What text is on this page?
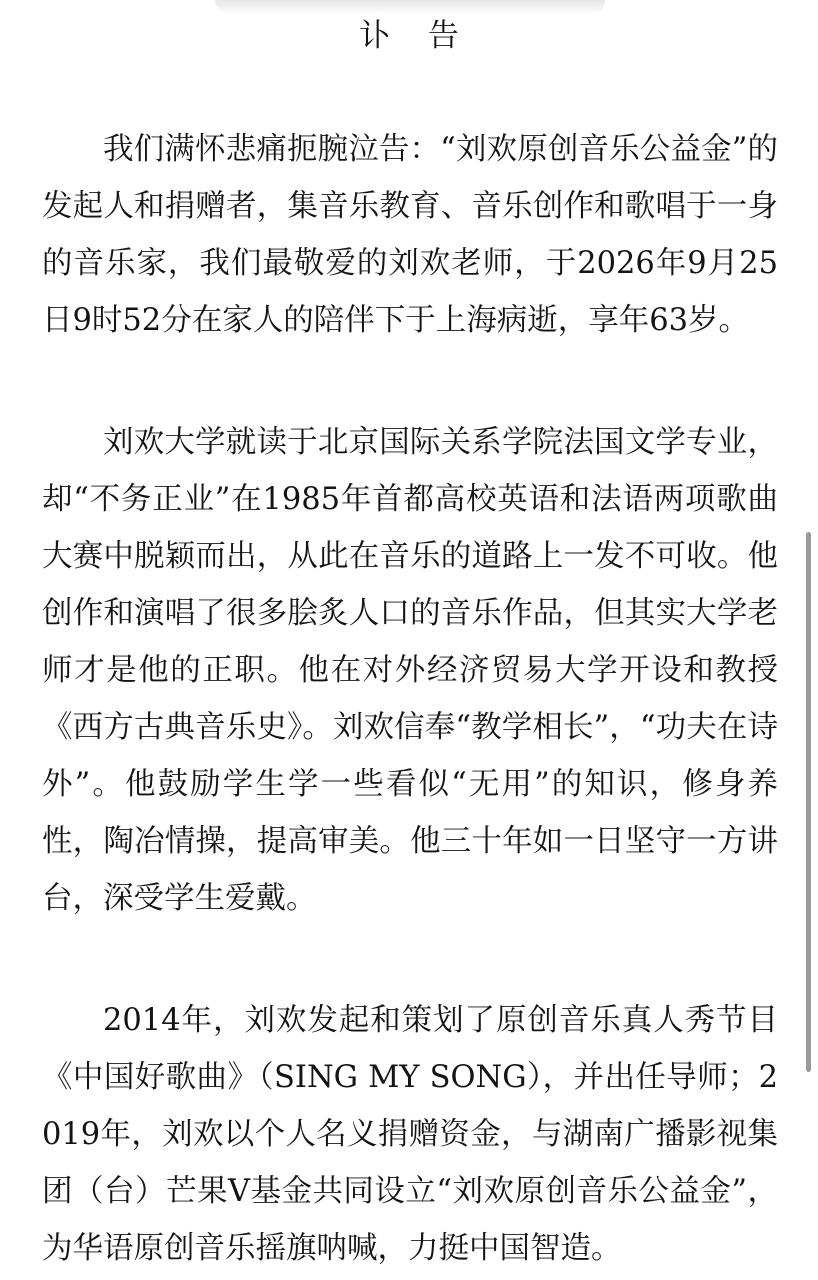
讣 告

我们满怀悲痛扼腕泣告：“刘欢原创音乐公益金”的发起人和捐赠者，集音乐教育、音乐创作和歌唱于一身的音乐家，我们最敬爱的刘欢老师，于2026年9月25日9时52分在家人的陪伴下于上海病逝，享年63岁。

刘欢大学就读于北京国际关系学院法国文学专业，却“不务正业”在1985年首都高校英语和法语两项歌曲大赛中脱颖而出，从此在音乐的道路上一发不可收。他创作和演唱了很多脍炙人口的音乐作品，但其实大学老师才是他的正职。他在对外经济贸易大学开设和教授《西方古典音乐史》。刘欢信奉“教学相长”，“功夫在诗外”。他鼓励学生学一些看似“无用”的知识，修身养性，陶冶情操，提高审美。他三十年如一日坚守一方讲台，深受学生爱戴。

2014年，刘欢发起和策划了原创音乐真人秀节目《中国好歌曲》（SING MY SONG），并出任导师；2019年，刘欢以个人名义捐赠资金，与湖南广播影视集团（台）芒果V基金共同设立“刘欢原创音乐公益金”，为华语原创音乐摇旗呐喊，力挺中国智造。
